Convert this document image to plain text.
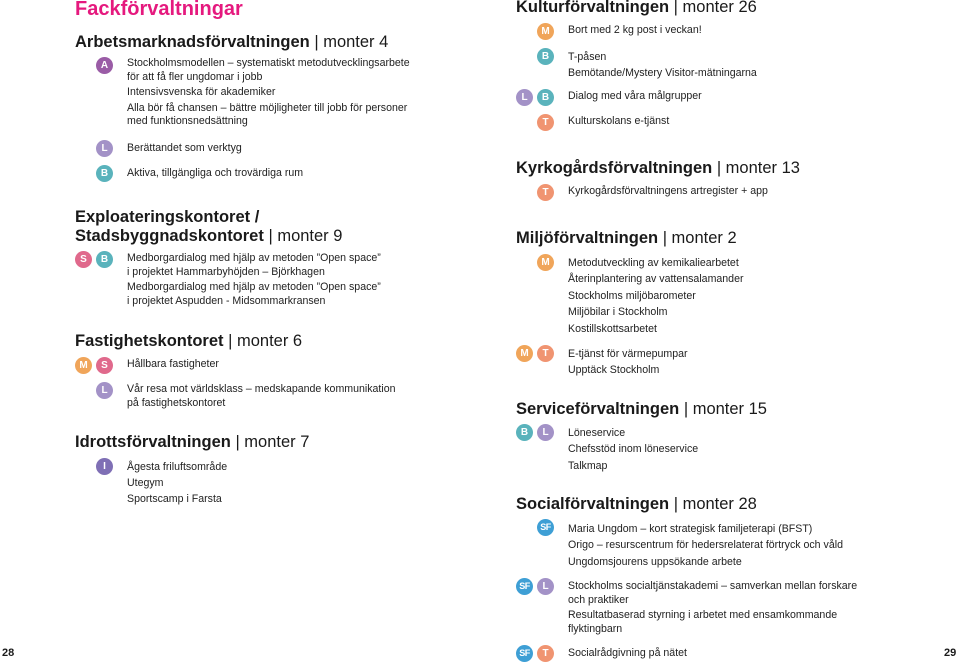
Fackförvaltningar
Arbetsmarknadsförvaltningen | monter 4
A	Stockholmsmodellen – systematiskt metodutvecklingsarbete
för att få fler ungdomar i jobb
Intensivsvenska för akademiker
Alla bör få chansen – bättre möjligheter till jobb för personer
med funktionsnedsättning
L	Berättandet som verktyg
B	Aktiva, tillgängliga och trovärdiga rum
Exploateringskontoret /
Stadsbyggnadskontoret | monter 9
S	B	Medborgardialog med hjälp av metoden ”Open space”
i projektet Hammarbyhöjden – Björkhagen
Medborgardialog med hjälp av metoden ”Open space”
i projektet Aspudden - Midsommarkransen
Fastighetskontoret | monter 6
M	S	Hållbara fastigheter
L	Vår resa mot världsklass – medskapande kommunikation
på fastighetskontoret
Idrottsförvaltningen | monter 7
I	Ågesta friluftsområde
Utegym
Sportscamp i Farsta
28
Kulturförvaltningen | monter 26
M	Bort med 2 kg post i veckan!
B	T-påsen
Bemötande/Mystery Visitor-mätningarna
L	B	Dialog med våra målgrupper
T	Kulturskolans e-tjänst
Kyrkogårdsförvaltningen | monter 13
T	Kyrkogårdsförvaltningens artregister + app
Miljöförvaltningen | monter 2
M	Metodutveckling av kemikaliearbetet
Återinplantering av vattensalamander
Stockholms miljöbarometer
Miljöbilar i Stockholm
Kostillskottsarbetet
M	T	E-tjänst för värmepumpar
Upptäck Stockholm
Serviceförvaltningen | monter 15
B	L	Löneservice
Chefsstöd inom löneservice
Talkmap
Socialförvaltningen | monter 28
SF	Maria Ungdom – kort strategisk familjeterapi (BFST)
Origo – resurscentrum för hedersrelaterat förtryck och våld
Ungdomsjourens uppsökande arbete
SF	L	Stockholms socialtjänstakademi – samverkan mellan forskare
och praktiker
Resultatbaserad styrning i arbetet med ensamkommande
flyktingbarn
SF	T	Socialrådgivning på nätet	29
